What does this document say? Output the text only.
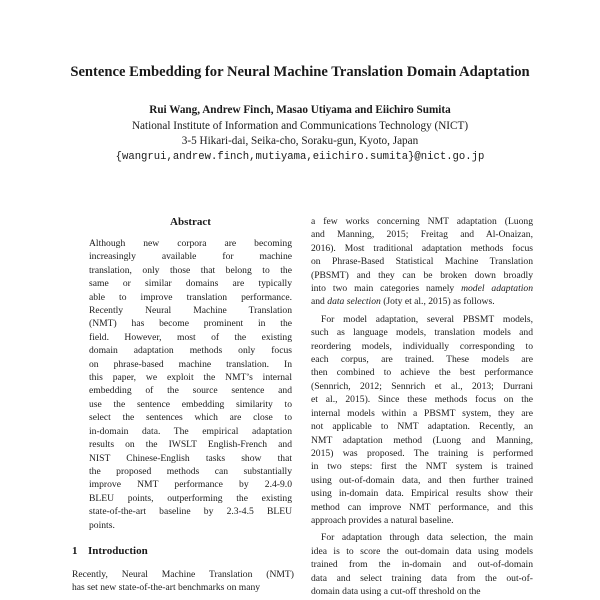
Sentence Embedding for Neural Machine Translation Domain Adaptation
Rui Wang, Andrew Finch, Masao Utiyama and Eiichiro Sumita
National Institute of Information and Communications Technology (NICT)
3-5 Hikari-dai, Seika-cho, Soraku-gun, Kyoto, Japan
{wangrui,andrew.finch,mutiyama,eiichiro.sumita}@nict.go.jp
Abstract
Although new corpora are becoming
increasingly available for machine
translation, only those that belong to the
same or similar domains are typically
able to improve translation performance.
Recently Neural Machine Translation
(NMT) has become prominent in the
field. However, most of the existing
domain adaptation methods only focus
on phrase-based machine translation. In
this paper, we exploit the NMT’s internal
embedding of the source sentence and
use the sentence embedding similarity to
select the sentences which are close to
in-domain data. The empirical adaptation
results on the IWSLT English-French and
NIST Chinese-English tasks show that
the proposed methods can substantially
improve NMT performance by 2.4-9.0
BLEU points, outperforming the existing
state-of-the-art baseline by 2.3-4.5 BLEU
points.
1 Introduction
Recently, Neural Machine Translation (NMT)
has set new state-of-the-art benchmarks on many
a few works concerning NMT adaptation (Luong
and Manning, 2015; Freitag and Al-Onaizan,
2016). Most traditional adaptation methods focus
on Phrase-Based Statistical Machine Translation
(PBSMT) and they can be broken down broadly
into two main categories namely model adaptation
and data selection (Joty et al., 2015) as follows.
For model adaptation, several PBSMT models,
such as language models, translation models and
reordering models, individually corresponding to
each corpus, are trained. These models are
then combined to achieve the best performance
(Sennrich, 2012; Sennrich et al., 2013; Durrani
et al., 2015). Since these methods focus on the
internal models within a PBSMT system, they are
not applicable to NMT adaptation. Recently, an
NMT adaptation method (Luong and Manning,
2015) was proposed. The training is performed
in two steps: first the NMT system is trained
using out-of-domain data, and then further trained
using in-domain data. Empirical results show their
method can improve NMT performance, and this
approach provides a natural baseline.
For adaptation through data selection, the main
idea is to score the out-domain data using models
trained from the in-domain and out-of-domain
data and select training data from the out-of-
domain data using a cut-off threshold on the
